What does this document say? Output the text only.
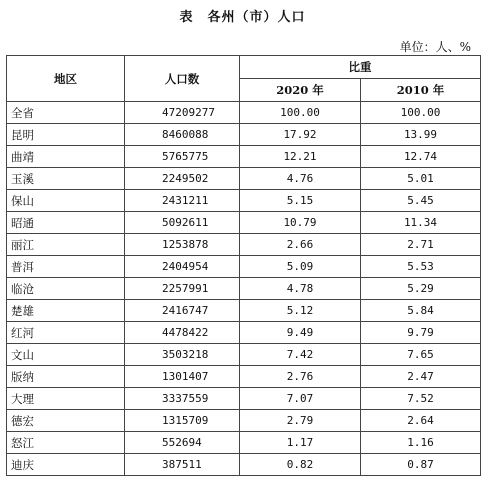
表　各州（市）人口
单位：人、%
地区	人口数	比重	
		2020 年	2010 年
全省	47209277	100.00	100.00
昆明	8460088	17.92	13.99
曲靖	5765775	12.21	12.74
玉溪	2249502	4.76	5.01
保山	2431211	5.15	5.45
昭通	5092611	10.79	11.34
丽江	1253878	2.66	2.71
普洱	2404954	5.09	5.53
临沧	2257991	4.78	5.29
楚雄	2416747	5.12	5.84
红河	4478422	9.49	9.79
文山	3503218	7.42	7.65
版纳	1301407	2.76	2.47
大理	3337559	7.07	7.52
德宏	1315709	2.79	2.64
怒江	552694	1.17	1.16
迪庆	387511	0.82	0.87
